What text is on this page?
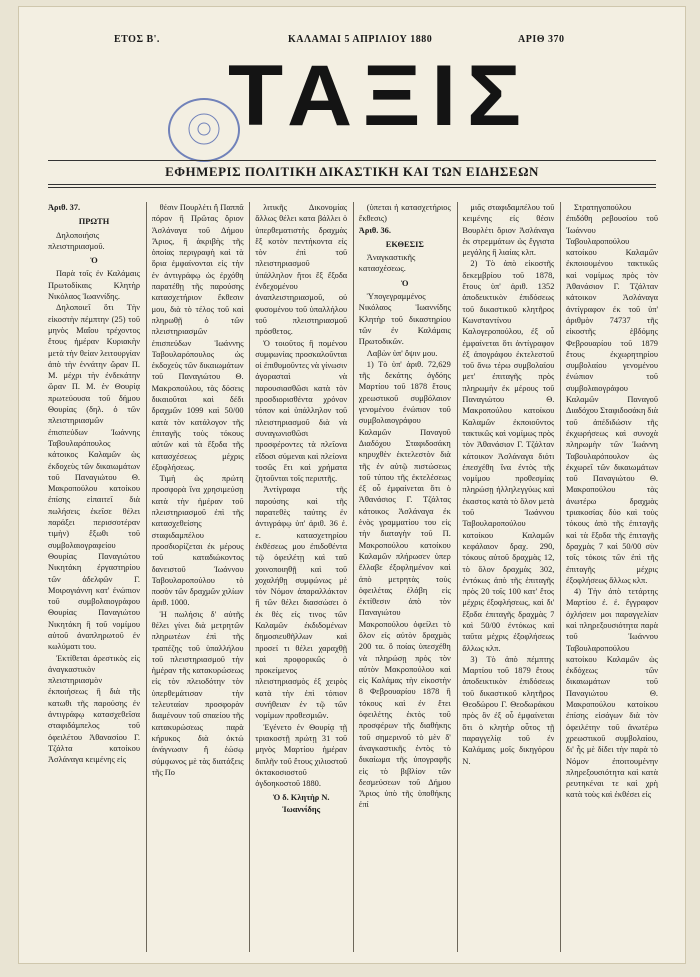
ΕΤΟΣ Β'.	ΚΑΛΑΜΑΙ 5 ΑΠΡΙΛΙΟΥ 1880	ΑΡΙΘ 370
ΤΑΞΙΣ
ΕΦΗΜΕΡΙΣ ΠΟΛΙΤΙΚΗ ΔΙΚΑΣΤΙΚΗ ΚΑΙ ΤΩΝ ΕΙΔΗΣΕΩΝ

Ἀριθ. 37.

ΠΡΩΤΗ

Δηλοποιήσις πλειστηριασμοῦ.

Ὁ

Παρὰ τοῖς ἐν Καλάμαις Πρωτοδίκαις Κλητὴρ Νικόλαος Ἰωαννίδης.

Δηλοποιεῖ ὅτι Τὴν εἰκοστὴν πέμπτην (25) τοῦ μηνὸς Μαΐου τρέχοντος ἔτους ἡμέραν Κυριακὴν μετὰ τὴν θείαν λειτουργίαν ἀπὸ τὴν ἐννάτην ὥραν Π. Μ. μέχρι τὴν ἐνδεκάτην ὥραν Π. Μ. ἐν Θουρίᾳ πρωτεύουσα τοῦ δήμου Θουρίας (δηλ. ὁ τῶν πλειστηριασμῶν ἐπισπεύδων Ἰωάννης Ταβουλαρόπουλος κάτοικος Καλαμῶν ὡς ἐκδοχεὺς τῶν δικαιωμάτων τοῦ Παναγιώτου Θ. Μακροπούλου κατοίκου ἐπίσης εἰπαιτεῖ διὰ πωλήσεις ἐκεῖσε θέλει παράξει περισσοτέραν τιμὴν) ἔξωθι τοῦ συμβολαιογραφείου Θουρίας Παναγιώτου Νικητάκη ἐργαστηρίου τῶν ἀδελφῶν Γ. Μοιρογιάννη κατ' ἐνώπιον τοῦ συμβολαιογράφου Θουρίας Παναγιώτου Νικητάκη ἢ τοῦ νομίμου αὐτοῦ ἀναπληρωτοῦ ἐν κωλύματι του.

Ἐκτίθεται ἀρεστικὸς εἰς ἀναγκαστικὸν πλειστηριασμὸν ἐκποιήσεως ἢ διὰ τῆς κατωθι τῆς παρούσης ἐν ἀντιγράφῳ κατασχεθεῖσα σταφιδάμπελος τοῦ ὀφειλέτου Ἀθανασίου Γ. Τζάλτα κατοίκου Ἀσλάναγα κειμένης εἰς

θέσιν Πουρλέτι ἢ Παππᾶ πόρον ἢ Πρῶτας ὅριον Ἀσλάναγα τοῦ Δήμου Ἄριος, ἢ ἀκριβὴς τῆς ὁποίας περιγραφὴ καὶ τὰ ὅρια ἐμφαίνονται εἰς τὴν ἐν ἀντιγράφῳ ὡς ἐρχόθη παρατέθῃ τῆς παρούσης κατασχετήριον ἔκθεσιν μου, διὰ τὸ τέλος τοῦ καὶ πληρωθῇ ὁ τῶν πλειστηριασμῶν ἐπισπεύδων Ἰωάννης Ταβουλαρόπουλος ὡς ἐκδοχεὺς τῶν δικαιωμάτων τοῦ Παναγιώτου Θ. Μακροπούλου, τὰς δόσεις δικαιοῦται καὶ δέδι δραχμῶν 1099 καὶ 50/00 κατὰ τὸν κατάλογον τῆς ἐπιταγῆς τοὺς τόκους αὐτῶν καὶ τὰ ἔξοδα τῆς κατασχέσεως μέχρις ἐξοφλήσεως.

Τιμὴ ὡς πρώτη προσφορὰ ἵνα χρησιμεύσῃ κατὰ τὴν ἡμέραν τοῦ πλειστηριασμοῦ ἐπὶ τῆς κατασχεθείσης σταφιδαμπέλου προσδιορίζεται ἐκ μέρους τοῦ καταδιώκοντος δανειστοῦ Ἰωάννου Ταβουλαροπούλου τὸ ποσὸν τῶν δραχμῶν χιλίων ἀριθ. 1000.

Ἡ πωλήσις δ' αὐτῆς θέλει γίνει διὰ μετρητῶν πληρωτέων ἐπὶ τῆς τραπέζης τοῦ ὑπαλλήλου τοῦ πλειστηριασμοῦ τὴν ἡμέραν τῆς κατακυρώσεως εἰς τὸν πλειοδότην τὸν ὑπερθεμάτισαν τὴν τελευταίαν προσφορὰν διαμένουν τοῦ σπαείου τῆς κατακυρώσεως παρὰ κήρυκος διὰ ὀκτώ ἀνάγνωσιν ἢ ἐώσῳ σύμφωνος μὲ τὰς διατάξεις τῆς Πο

λιτικῆς Δικονομίας ἄλλως θέλει κατα βάλλει ὁ ὑπερθεματιστὴς δραχμὰς ἕξ κοτὸν πεντήκοντα εἰς τὸν ἐπὶ τοῦ πλειστηριασμοῦ ὑπάλληλον ἤτοι ἕξ ἔξοδα ἐνδεχομένου ἀναπλειστηριασμοῦ, οὐ φυσομένου τοῦ ὑπαλλήλου τοῦ πλειστηριασμοῦ πρόσθετος.

Ὁ τοιοῦτος ἢ πομένου συμφωνίας προσκαλοῦνται οἱ ἐπιθυμοῦντες νὰ γίνωσιν ἀγορασταὶ νὰ παρουσιασθῶσι κατὰ τὸν προσδιορισθέντα χρόνον τόπον καὶ ὑπάλληλον τοῦ πλειστηριασμοῦ διὰ νὰ συναγωνισθῶσι προσφέροντες τὰ πλεῖονα εἴδοσι σύμεναι καὶ πλείονα τοσῶς ἔτι καὶ χρήματα ζητοῦνται τοῖς περιπτῆς.

Ἀντίγραφα τῆς παρούσης καὶ τῆς παρατεθὲς ταύτης ἐν ἀντιγράφῳ ὑπ' ἀριθ. 36 ἐ. ε. κατασχετηρίου ἐκθέσεως μου ἐπιδοθέντα τῷ ὀφειλέτῃ καὶ ταῦ χοινοποιηθῇ καὶ τοῦ χοχαλήθῃ συμφώνως μὲ τὸν Νόμον ἀπαραλλάκτον ἢ τῶν θέλει διασσώσει ὁ ἐκ θὲς εἰς τινος τῶν Καλαμῶν ἐκδιδομένων δημοσιευθῆλλων καὶ προσεί τι θέλει χαραχθῇ καὶ προφορικῶς ὁ προκείμενος πλειστηριασμὸς ἐξ χειρὸς κατὰ τὴν ἐπὶ τόπιον συνήθειαν ἐν τῷ τῶν νομίμων προθεσμιῶν.

Ἐγένετο ἐν Θουρίᾳ τῇ τριακοστῇ πρώτῃ 31 τοῦ μηνὸς Μαρτίου ἡμέραν διπλῆν τοῦ ἔτους χιλιοστοῦ ὀκτακοσιοστοῦ ὀγδοηκοστοῦ 1880.

Ὁ δ. Κλητὴρ Ν. Ἰωαννίδης

(ὑπεται ἡ κατασχετήριος ἔκθεσις)

Ἀριθ. 36.

ΕΚΘΕΣΙΣ

Ἀναγκαστικῆς κατασχέσεως.

Ὁ

Ὑπογεγραμμένος Νικόλαος Ἰωαννίδης Κλητὴρ τοῦ δικαστηρίου τῶν ἐν Καλάμαις Πρωτοδικῶν.

Λαβὼν ὑπ' ὄψιν μου.

1) Τὸ ὑπ' ἀριθ. 72,629 τῆς δεκάτης ὀγδόης Μαρτίου τοῦ 1878 ἔτους χρεωστικοῦ συμβόλαιον γενομένου ἐνώπιον τοῦ συμβολαιογράφου Καλαμῶν Παναγοῦ Διαδόχου Σταφιδοσάκη κηρυχθὲν ἐκτελεστὸν διὰ τῆς ἐν αὐτῷ πιστώσεως τοῦ τύπου τῆς ἐκτελέσεως ἐξ οὗ ἐμφαίνεται ὅτι ὁ Ἀθανάσιος Γ. Τζάλτας κάτοικος Ἀσλάναγα ἐκ ἑνὸς γραμματίου του εἰς τὴν διαταγὴν τοῦ Π. Μακροπούλου κατοίκου Καλαμῶν πλήρωσεν ὑπερ ἔλλαβε ἐξοφλημένον καὶ ἀπὸ μετρητὰς τοὺς ὀφειλέτας ἐλάβη εἰς ἐκτίθεσιν ἀπὸ τὸν Παναγιώτου Μακροπούλου ὀφείλει τὸ ὅλον εἰς αὐτὸν δραχμὰς 200 τα. ὅ ποίας ὑπεσχέθη νὰ πληρώσῃ πρὸς τὸν αὐτὸν Μακροπούλου καὶ εἰς Καλάμας τὴν εἰκοστὴν 8 Φεβρουαρίου 1878 ἢ τόκους καὶ ἐν ἔτει ὀφειλέτης ἐκτὸς τοῦ προσφέρων τῆς διαθήκης τοῦ σημερινοῦ τὸ μὲν δ' ἀναγκαστικῆς ἐντὸς τὸ δικαίωμα τῆς ὑπογραφῆς εἰς τὸ βιβλίον τῶν δεσμεύσεων τοῦ Δήμου Ἄριος ὑπὸ τῆς ὑποθήκης ἐπί

μιᾶς σταφιδαμπέλου τοῦ κειμένης εἰς θέσιν Βουρλέτι ὅριον Ἀσλάναγα ἐκ στρεμμάτων ὡς ἔγγιστα μεγάλης ἢ λιαίας κλπ.

2) Τὸ ἀπὸ εἰκοστῆς δεκεμβρίου τοῦ 1878, ἔτους ὑπ' ἀριθ. 1352 ἀποδεικτικὸν ἐπιδόσεως τοῦ δικαστικοῦ κλητῆρος Κωνσταντίνου Καλογεροπούλου, ἐξ οὗ ἐμφαίνεται ὅτι ἀντίγραφον ἐξ ἀπογράφου ἐκτελεστοῦ τοῦ ἄνω τέρω συμβολαίου μετ' ἐπιταγῆς πρὸς πληρωμὴν ἐκ μέρους τοῦ Παναγιώτου Θ. Μακροπούλου κατοίκου Καλαμῶν ἐκποιοῦντος τακτικῶς καὶ νομίμως πρὸς τὸν Ἀθανάσιον Γ. Τζάλταν κάτοικον Ἀσλάναγα διότι ἐπεσχέθη ἵνα ἐντὸς τῆς νομίμου προθεσμίας πληρώσῃ ἠλληλεγγύως καὶ ἐκαστος κατὰ τὸ ὅλον μετὰ τοῦ Ἰωάννου Ταβουλαροπούλου κατοίκου Καλαμῶν κεφάλαιον δραχ. 290, τόκους αὐτοῦ δραχμὰς 12, τὸ ὅλον δραχμὰς 302, ἐντόκως ἀπὸ τῆς ἐπιταγῆς πρὸς 20 τοῖς 100 κατ' ἔτος μέχρις ἐξοφλήσεως, καὶ δι' ἔξοδα ἐπιταγῆς δραχμὰς 7 καὶ 50/00 ἐντόκως καὶ ταῦτα μέχρις ἐξοφλήσεως ἄλλως κλπ.

3) Τὸ ἀπὸ πέμπτης Μαρτίου τοῦ 1879 ἔτους ἀποδεικτικὸν ἐπιδόσεως τοῦ δικαστικοῦ κλητῆρος Θεοδώρου Γ. Θεοδωράκου πρὸς ὃν ἐξ οὗ ἐμφαίνεται ὅτι ὁ κλητὴρ οὗτος τῇ παραγγελίᾳ τοῦ ἐν Καλάμαις μοῖς δικηγόρου Ν.

Στρατηγοπούλου ἐπιδόθη ρεβουσίου τοῦ Ἰωάννου Ταβουλαροπούλου κατοίκου Καλαμῶν ἐκποιουμένου τακτικῶς καὶ νομίμως πρὸς τὸν Ἀθανάσιον Γ. Τζάλταν κάτοικον Ἀσλάναγα ἀντίγραφον ἐκ τοῦ ὑπ' ἀριθμὸν 74737 τῆς εἰκοστῆς ἑβδόμης Φεβρουαρίου τοῦ 1879 ἔτους ἐκχωρητηρίου συμβολαίου γενομένου ἐνώπιον τοῦ συμβολαιογράφου Καλαμῶν Παναγοῦ Διαδόχου Σταφιδοσάκη διὰ τοῦ ἀπέδιδώσιν τῆς ἐκχωρήσεως καὶ συνοχὰ πληρωμὴν τῶν Ἰωάννη Ταβουλαρόπουλον ὡς ἐκχωρεῖ τῶν δικαιωμάτων τοῦ Παναγιώτου Θ. Μακροπούλου τὰς ἀνωτέρω δραχμὰς τριακοσίας δύο καὶ τοὺς τόκους ἀπὸ τῆς ἐπιταγῆς καὶ τὰ ἔξοδα τῆς ἐπιταγῆς δραχμὰς 7 καὶ 50/00 σὺν τοῖς τόκοις τῶν ἐπὶ τῆς ἐπιταγῆς μέχρις ἐξοφλήσεως ἄλλως κλπ.

4) Τὴν ἀπὸ τετάρτης Μαρτίου ἐ. ἐ. ἔγγραφον ὀχλήσειν μοι παραγγελίαν καὶ πληρεξουσιότητα παρὰ τοῦ Ἰωάννου Ταβουλαροπούλου κατοίκου Καλαμῶν ὡς ἐκδόχεως τῶν δικαιωμάτων τοῦ Παναγιώτου Θ. Μακροπούλου κατοίκου ἐπίσης εἰσάγων διὰ τὸν ὀφειλέτην τοῦ ἀνωτέρω χρεωστικοῦ συμβολαίου, δι' ἧς μὲ δίδει τὴν παρὰ τὸ Νόμον ἐποιτουμένην πληρεξουσιότητα καὶ κατὰ ρευτηκέναι τε καὶ χρὴ κατὰ τοὺς καὶ ἐκθέσει εἰς
